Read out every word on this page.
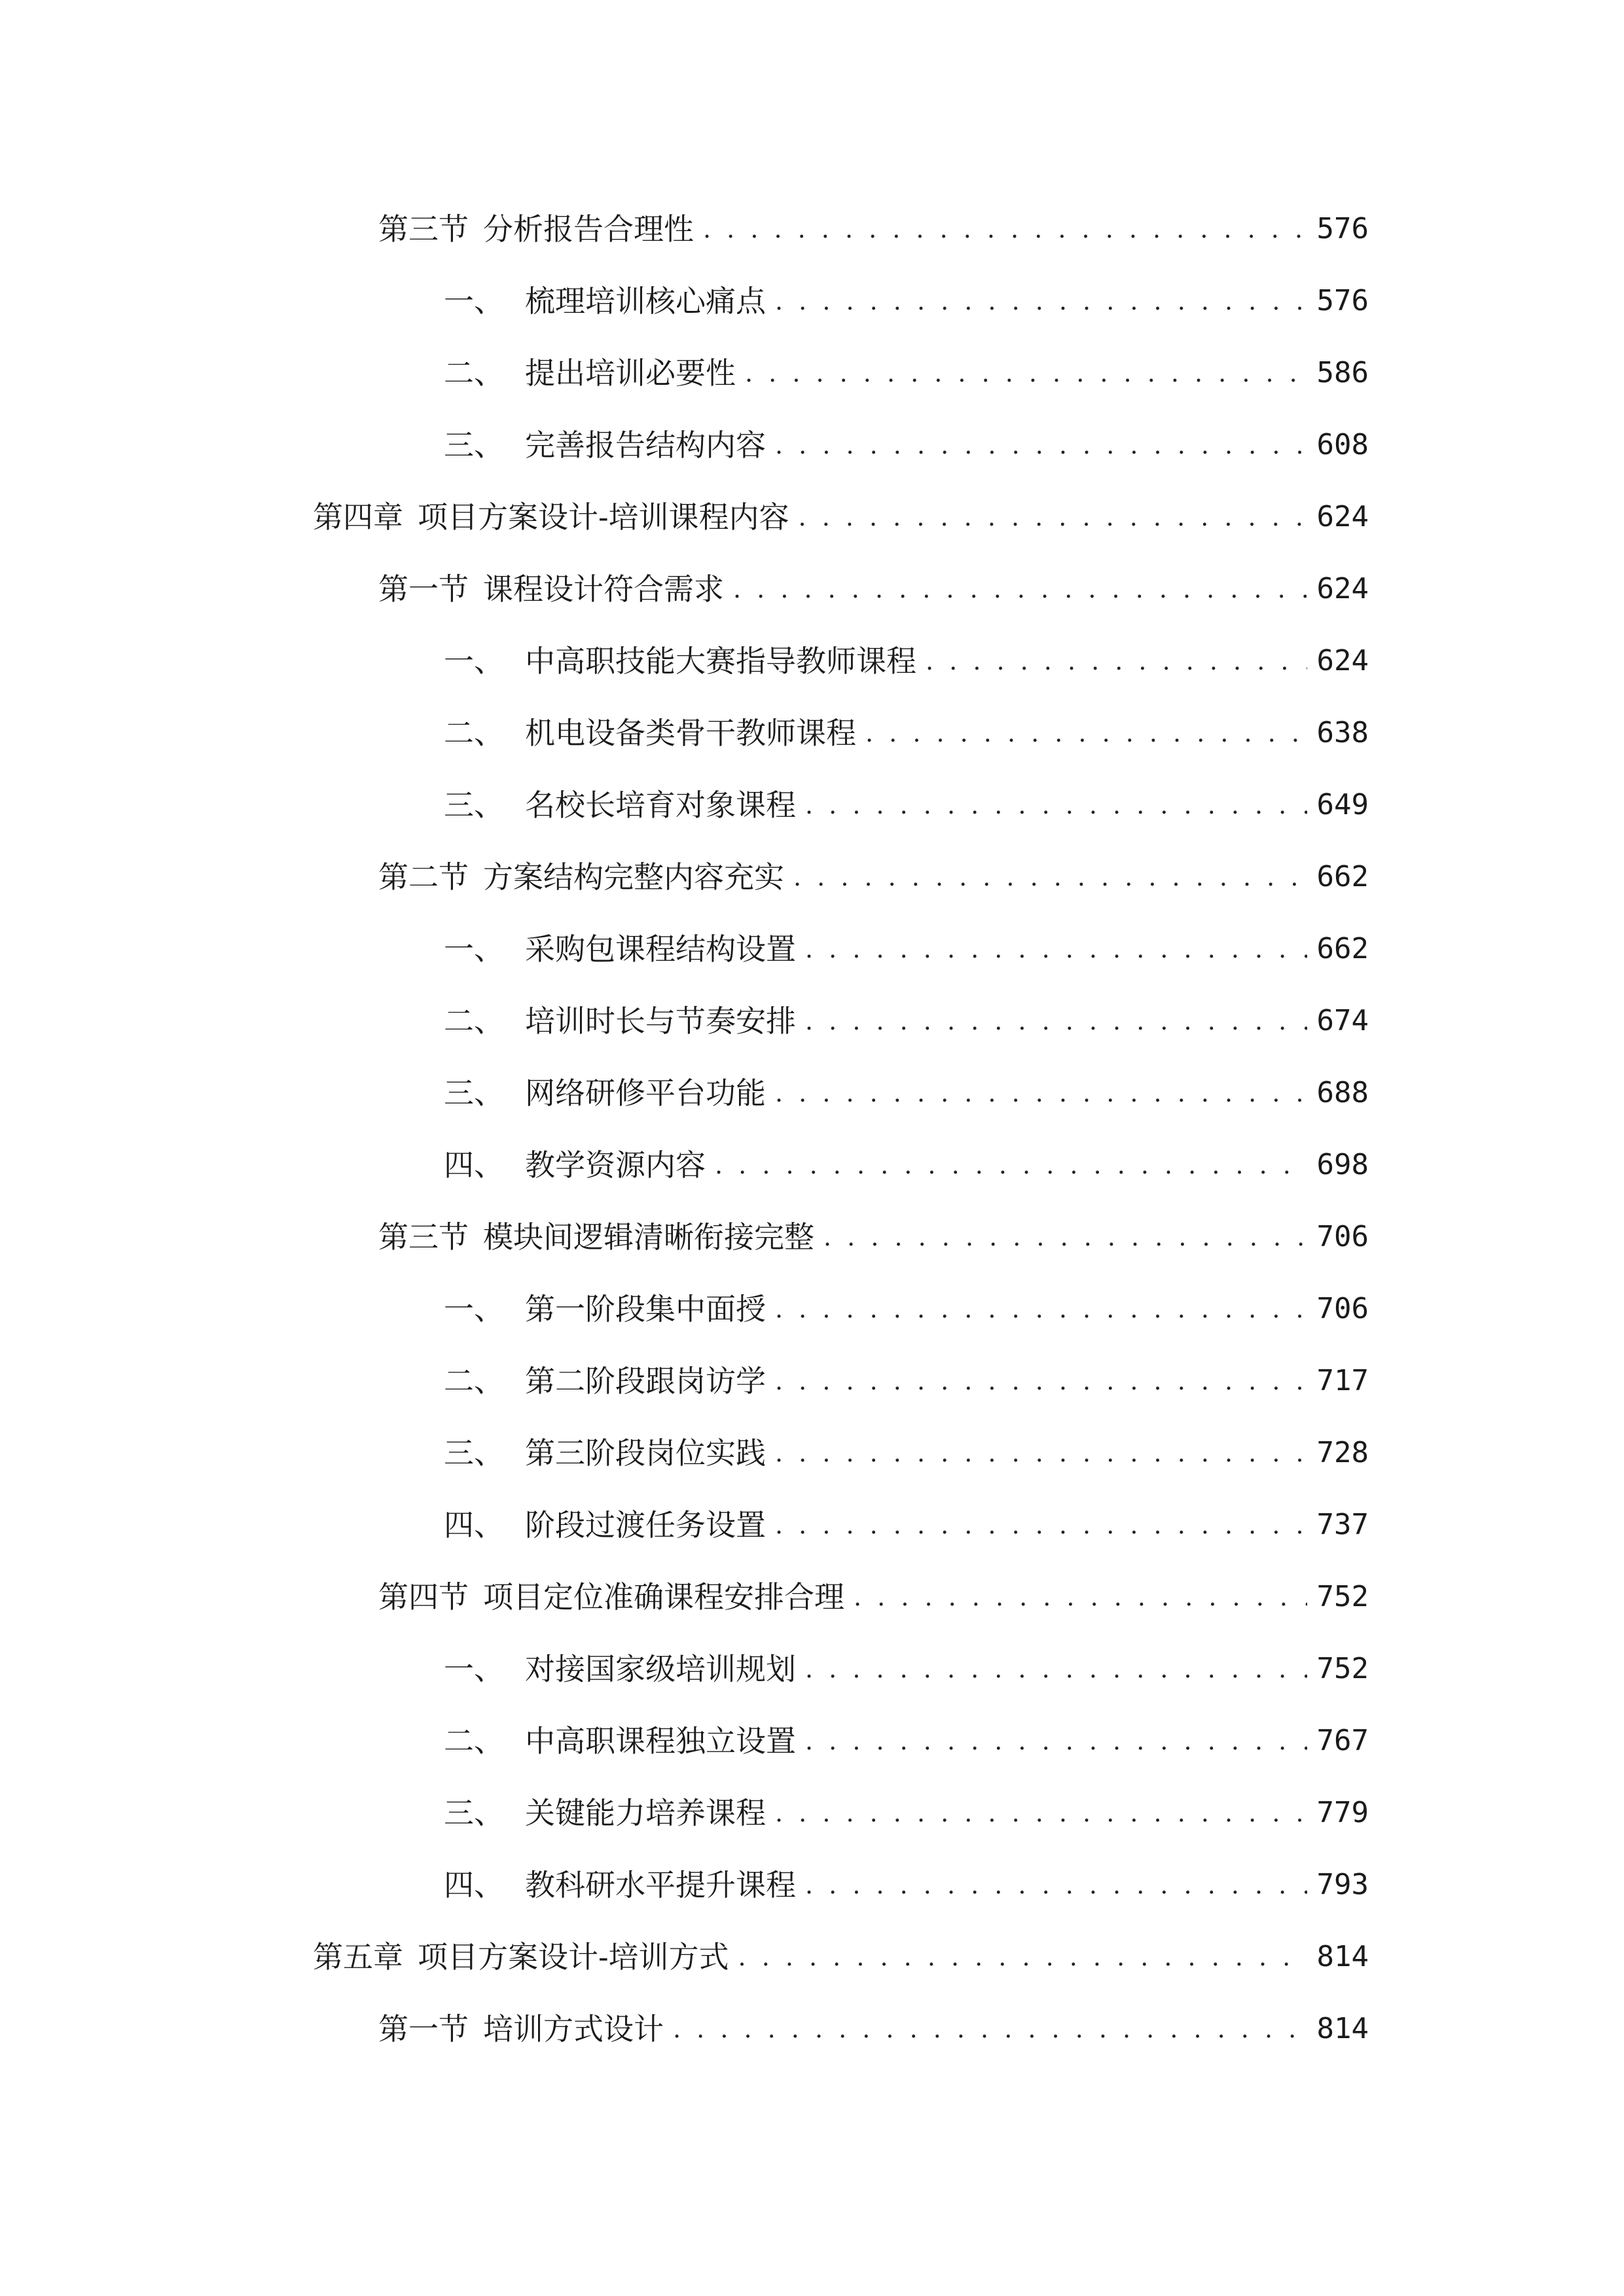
第三节 分析报告合理性 . . .	576
一、 梳理培训核心痛点 . . .	576
二、 提出培训必要性 . . .	586
三、 完善报告结构内容 . . .	608
第四章 项目方案设计-培训课程内容 . . .	624
第一节 课程设计符合需求 . . .	624
一、 中高职技能大赛指导教师课程 . . .	624
二、 机电设备类骨干教师课程 . . .	638
三、 名校长培育对象课程 . . .	649
第二节 方案结构完整内容充实 . . .	662
一、 采购包课程结构设置 . . .	662
二、 培训时长与节奏安排 . . .	674
三、 网络研修平台功能 . . .	688
四、 教学资源内容 . . .	698
第三节 模块间逻辑清晰衔接完整 . . .	706
一、 第一阶段集中面授 . . .	706
二、 第二阶段跟岗访学 . . .	717
三、 第三阶段岗位实践 . . .	728
四、 阶段过渡任务设置 . . .	737
第四节 项目定位准确课程安排合理 . . .	752
一、 对接国家级培训规划 . . .	752
二、 中高职课程独立设置 . . .	767
三、 关键能力培养课程 . . .	779
四、 教科研水平提升课程 . . .	793
第五章 项目方案设计-培训方式 . . .	814
第一节 培训方式设计 . . .	814
